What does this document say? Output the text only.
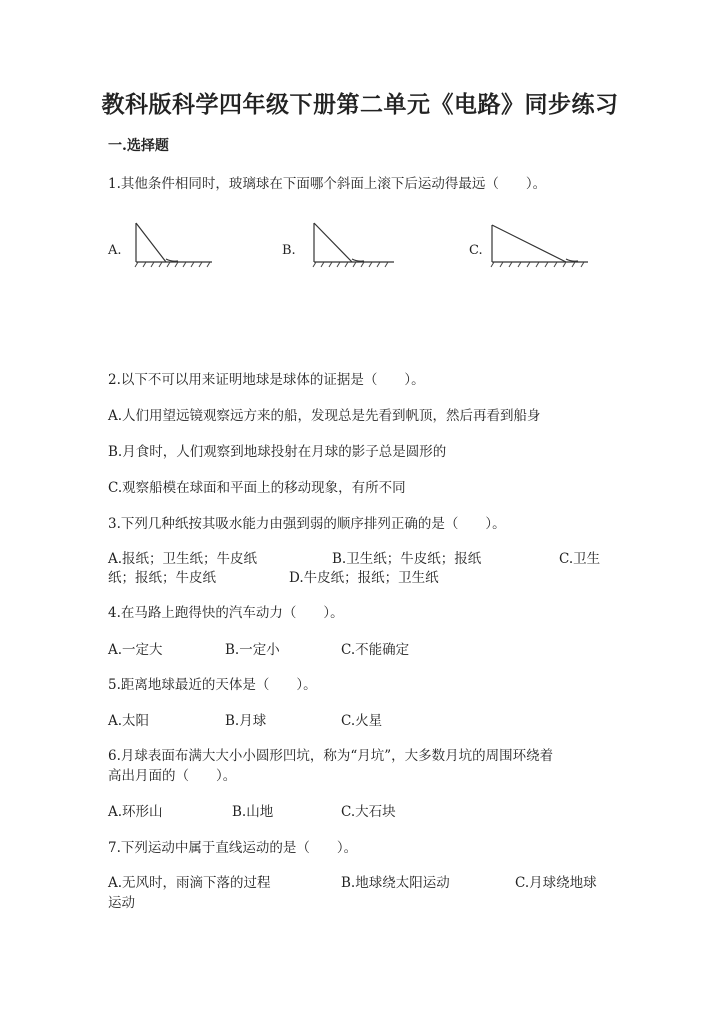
教科版科学四年级下册第二单元《电路》同步练习
一.选择题
1.其他条件相同时，玻璃球在下面哪个斜面上滚下后运动得最远（　　）。
A.	B.	C.
2.以下不可以用来证明地球是球体的证据是（　　）。
A.人们用望远镜观察远方来的船，发现总是先看到帆顶，然后再看到船身
B.月食时，人们观察到地球投射在月球的影子总是圆形的
C.观察船模在球面和平面上的移动现象，有所不同
3.下列几种纸按其吸水能力由强到弱的顺序排列正确的是（　　）。
A.报纸；卫生纸；牛皮纸	B.卫生纸；牛皮纸；报纸	C.卫生
纸；报纸；牛皮纸	D.牛皮纸；报纸；卫生纸
4.在马路上跑得快的汽车动力（　　）。
A.一定大	B.一定小	C.不能确定
5.距离地球最近的天体是（　　）。
A.太阳	B.月球	C.火星
6.月球表面布满大大小小圆形凹坑，称为“月坑”，大多数月坑的周围环绕着
高出月面的（　　）。
A.环形山	B.山地	C.大石块
7.下列运动中属于直线运动的是（　　）。
A.无风时，雨滴下落的过程	B.地球绕太阳运动	C.月球绕地球
运动
